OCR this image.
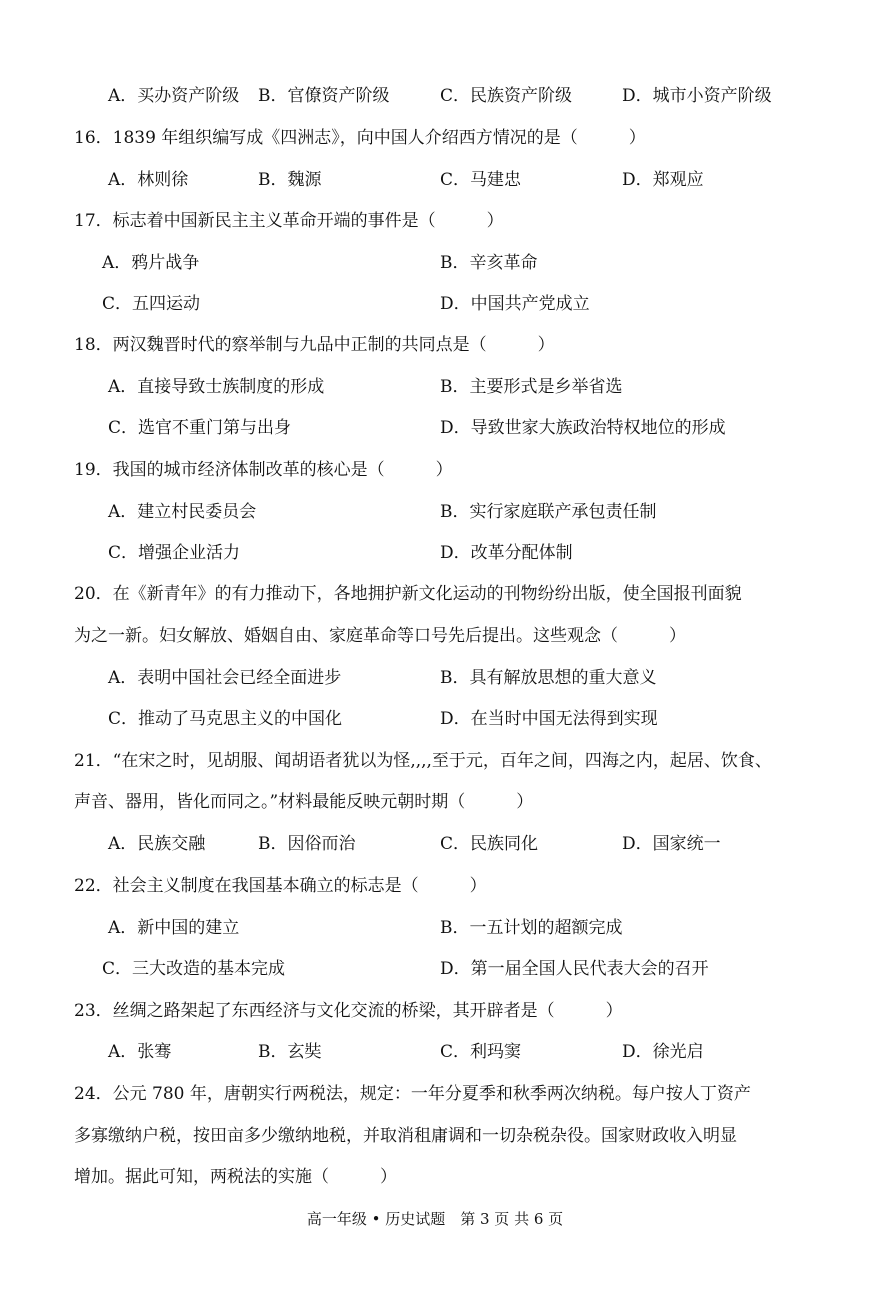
A．买办资产阶级 B．官僚资产阶级	C．民族资产阶级	D．城市小资产阶级
16．1839 年组织编写成《四洲志》，向中国人介绍西方情况的是（　　　）
A．林则徐	B．魏源	C．马建忠	D．郑观应
17．标志着中国新民主主义革命开端的事件是（　　　）
A．鸦片战争	B．辛亥革命
C．五四运动	D．中国共产党成立
18．两汉魏晋时代的察举制与九品中正制的共同点是（　　　）
A．直接导致士族制度的形成	B．主要形式是乡举省选
C．选官不重门第与出身	D．导致世家大族政治特权地位的形成
19．我国的城市经济体制改革的核心是（　　　）
A．建立村民委员会	B．实行家庭联产承包责任制
C．增强企业活力	D．改革分配体制
20．在《新青年》的有力推动下，各地拥护新文化运动的刊物纷纷出版，使全国报刊面貌
为之一新。妇女解放、婚姻自由、家庭革命等口号先后提出。这些观念（　　　）
A．表明中国社会已经全面进步	B．具有解放思想的重大意义
C．推动了马克思主义的中国化	D．在当时中国无法得到实现
21．“在宋之时，见胡服、闻胡语者犹以为怪,,,,至于元，百年之间，四海之内，起居、饮食、
声音、器用，皆化而同之。”材料最能反映元朝时期（　　　）
A．民族交融	B．因俗而治	C．民族同化	D．国家统一
22．社会主义制度在我国基本确立的标志是（　　　）
A．新中国的建立	B．一五计划的超额完成
C．三大改造的基本完成	D．第一届全国人民代表大会的召开
23．丝绸之路架起了东西经济与文化交流的桥梁，其开辟者是（　　　）
A．张骞	B．玄奘	C．利玛窦	D．徐光启
24．公元 780 年，唐朝实行两税法，规定：一年分夏季和秋季两次纳税。每户按人丁资产
多寡缴纳户税，按田亩多少缴纳地税，并取消租庸调和一切杂税杂役。国家财政收入明显
增加。据此可知，两税法的实施（　　　）
高一年级 • 历史试题　第 3 页 共 6 页
